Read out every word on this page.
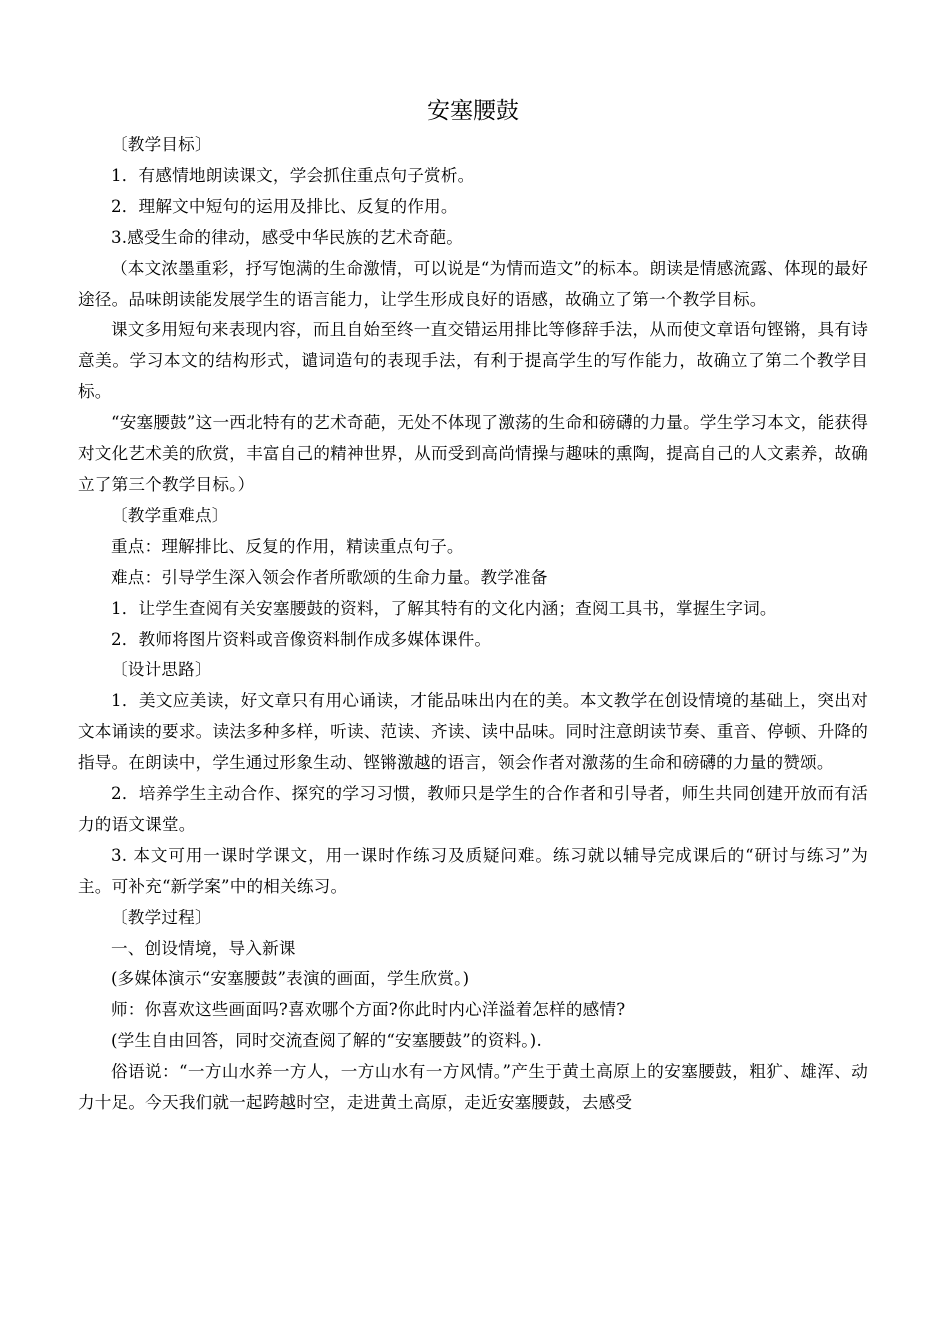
安塞腰鼓

〔教学目标〕

1．有感情地朗读课文，学会抓住重点句子赏析。

2．理解文中短句的运用及排比、反复的作用。

3.感受生命的律动，感受中华民族的艺术奇葩。

（本文浓墨重彩，抒写饱满的生命激情，可以说是“为情而造文”的标本。朗读是情感流露、体现的最好途径。品味朗读能发展学生的语言能力，让学生形成良好的语感，故确立了第一个教学目标。

课文多用短句来表现内容，而且自始至终一直交错运用排比等修辞手法，从而使文章语句铿锵，具有诗意美。学习本文的结构形式，谴词造句的表现手法，有利于提高学生的写作能力，故确立了第二个教学目标。

“安塞腰鼓”这一西北特有的艺术奇葩，无处不体现了激荡的生命和磅礴的力量。学生学习本文，能获得对文化艺术美的欣赏，丰富自己的精神世界，从而受到高尚情操与趣味的熏陶，提高自己的人文素养，故确立了第三个教学目标。）

〔教学重难点〕

重点：理解排比、反复的作用，精读重点句子。

难点：引导学生深入领会作者所歌颂的生命力量。教学准备

1．让学生查阅有关安塞腰鼓的资料，了解其特有的文化内涵；查阅工具书，掌握生字词。

2．教师将图片资料或音像资料制作成多媒体课件。

〔设计思路〕

1．美文应美读，好文章只有用心诵读，才能品味出内在的美。本文教学在创设情境的基础上，突出对文本诵读的要求。读法多种多样，听读、范读、齐读、读中品味。同时注意朗读节奏、重音、停顿、升降的指导。在朗读中，学生通过形象生动、铿锵激越的语言，领会作者对激荡的生命和磅礴的力量的赞颂。

2．培养学生主动合作、探究的学习习惯，教师只是学生的合作者和引导者，师生共同创建开放而有活力的语文课堂。

3. 本文可用一课时学课文，用一课时作练习及质疑问难。练习就以辅导完成课后的“研讨与练习”为主。可补充“新学案”中的相关练习。

〔教学过程〕

一、创设情境，导入新课

(多媒体演示“安塞腰鼓”表演的画面，学生欣赏。)

师：你喜欢这些画面吗?喜欢哪个方面?你此时内心洋溢着怎样的感情?

(学生自由回答，同时交流查阅了解的“安塞腰鼓”的资料。).

俗语说：“一方山水养一方人，一方山水有一方风情。”产生于黄土高原上的安塞腰鼓，粗犷、雄浑、动力十足。今天我们就一起跨越时空，走进黄土高原，走近安塞腰鼓，去感受
